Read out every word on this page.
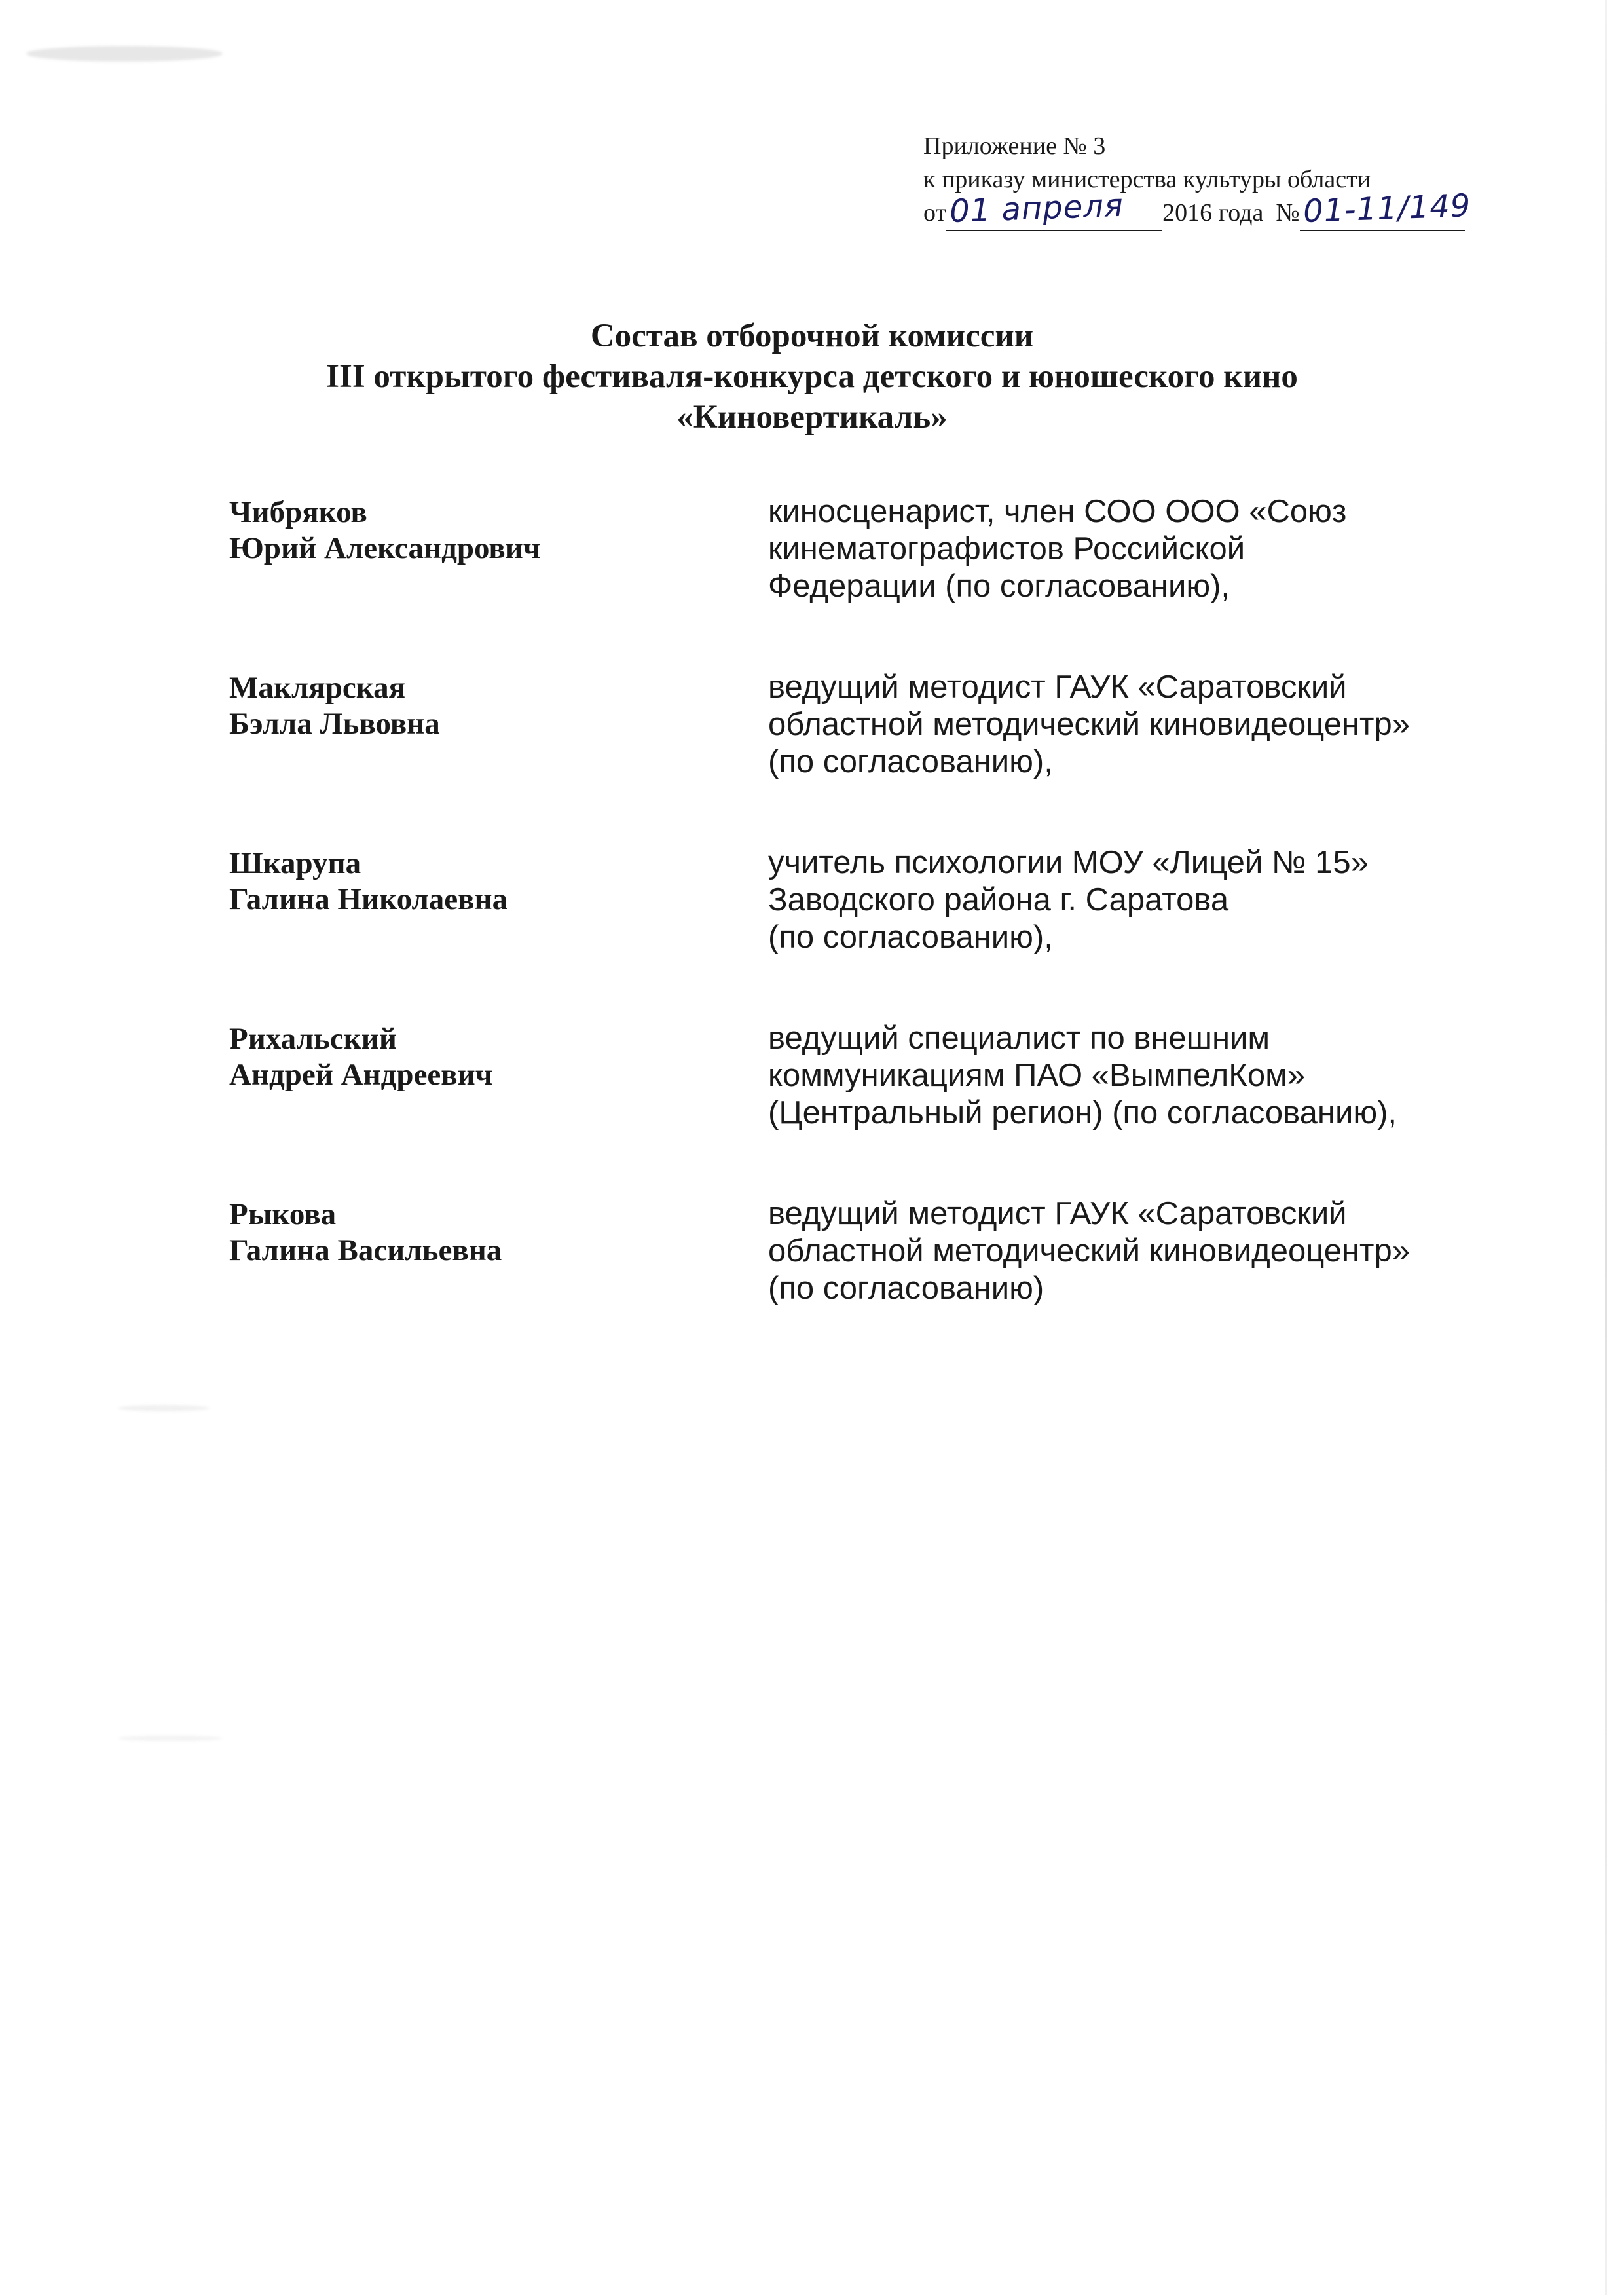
Приложение № 3
к приказу министерства культуры области
от 01 апреля 2016 года № 01-11/149
Состав отборочной комиссии
III открытого фестиваля-конкурса детского и юношеского кино
«Киновертикаль»
Чибряков
Юрий Александрович
киносценарист, член СОО ООО «Союз
кинематографистов Российской
Федерации (по согласованию),
Маклярская
Бэлла Львовна
ведущий методист ГАУК «Саратовский
областной методический киновидеоцентр»
(по согласованию),
Шкарупа
Галина Николаевна
учитель психологии МОУ «Лицей № 15»
Заводского района г. Саратова
(по согласованию),
Рихальский
Андрей Андреевич
ведущий специалист по внешним
коммуникациям ПАО «ВымпелКом»
(Центральный регион) (по согласованию),
Рыкова
Галина Васильевна
ведущий методист ГАУК «Саратовский
областной методический киновидеоцентр»
(по согласованию)
